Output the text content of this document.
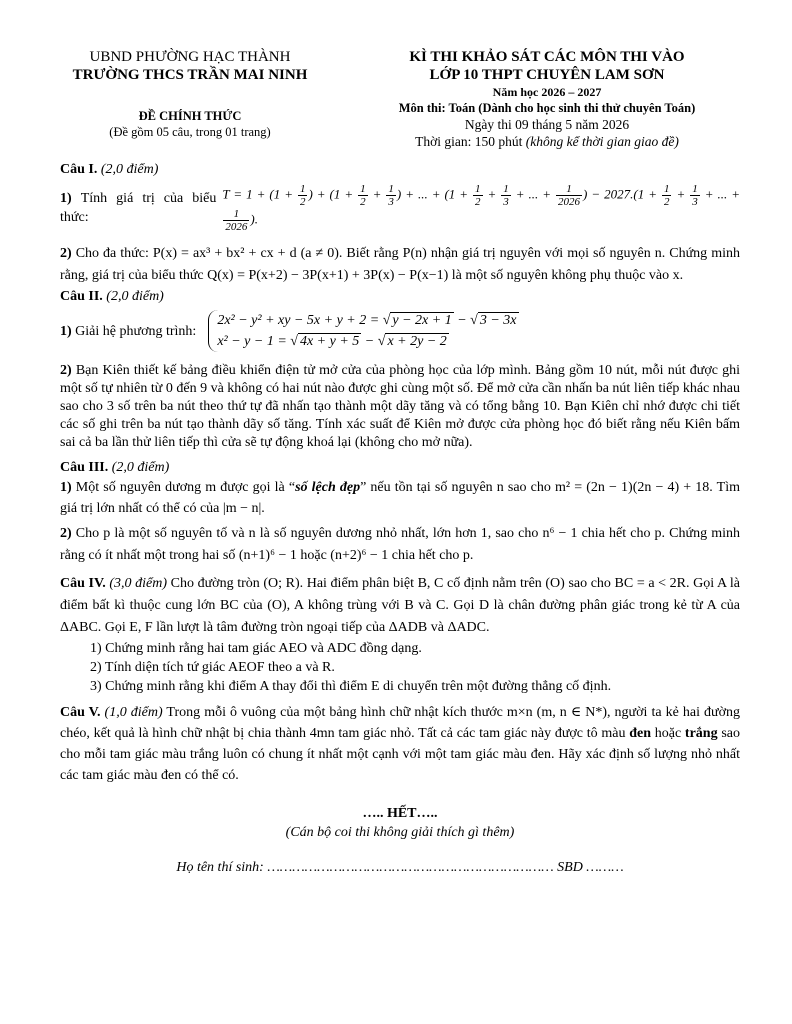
UBND PHƯỜNG HẠC THÀNH
TRƯỜNG THCS TRẦN MAI NINH
ĐỀ CHÍNH THỨC
(Đề gồm 05 câu, trong 01 trang)
KÌ THI KHẢO SÁT CÁC MÔN THI VÀO
LỚP 10 THPT CHUYÊN LAM SƠN
Năm học 2026 – 2027
Môn thi: Toán (Dành cho học sinh thi thử chuyên Toán)
Ngày thi 09 tháng 5 năm 2026
Thời gian: 150 phút (không kể thời gian giao đề)

Câu I. (2,0 điểm)

1) Tính giá trị của biểu thức:
$T = 1 + (1 + \frac{1}{2}$ ) + ($1 + \frac{1}{2} + \frac{1}{3}$ ) + ... + ($1 + \frac{1}{2} + \frac{1}{3}$ + ... + $\frac{1}{2026}$ ) − $2027.(1 + \frac{1}{2} + \frac{1}{3}$ + ... +
$\frac{1}{2026}$ ).

2) Cho đa thức: P(x) = ax³ + bx² + cx + d (a ≠ 0). Biết rằng P(n) nhận giá trị nguyên với mọi số nguyên n. Chứng minh rằng, giá trị của biểu thức Q(x) = P(x+2) − 3P(x+1) + 3P(x) − P(x−1) là một số nguyên không phụ thuộc vào x.

Câu II. (2,0 điểm)

1) Giải hệ phương trình:
2x² − y² + xy − 5x + y + 2 = √ y − 2x + 1 − √ 3 − 3x
x² − y − 1 = √ 4x + y + 5 − √ x + 2y − 2

2) Bạn Kiên thiết kế bảng điều khiển điện tử mở cửa của phòng học của lớp mình. Bảng gồm 10 nút, mỗi nút được ghi một số tự nhiên từ 0 đến 9 và không có hai nút nào được ghi cùng một số. Để mở cửa cần nhấn ba nút liên tiếp khác nhau sao cho 3 số trên ba nút theo thứ tự đã nhấn tạo thành một dãy tăng và có tổng bằng 10. Bạn Kiên chỉ nhớ được chi tiết các số ghi trên ba nút tạo thành dãy số tăng. Tính xác suất để Kiên mở được cửa phòng học đó biết rằng nếu Kiên bấm sai cả ba lần thử liên tiếp thì cửa sẽ tự động khoá lại (không cho mở nữa).

Câu III. (2,0 điểm)

1) Một số nguyên dương m được gọi là “số lệch đẹp” nếu tồn tại số nguyên n sao cho m² = (2n − 1)(2n − 4) + 18. Tìm giá trị lớn nhất có thể có của |m − n|.

2) Cho p là một số nguyên tố và n là số nguyên dương nhỏ nhất, lớn hơn 1, sao cho n⁶ − 1 chia hết cho p. Chứng minh rằng có ít nhất một trong hai số (n+1)⁶ − 1 hoặc (n+2)⁶ − 1 chia hết cho p.

Câu IV. (3,0 điểm) Cho đường tròn (O; R). Hai điểm phân biệt B, C cố định nằm trên (O) sao cho BC = a < 2R. Gọi A là điểm bất kì thuộc cung lớn BC của (O), A không trùng với B và C. Gọi D là chân đường phân giác trong kẻ từ A của ΔABC. Gọi E, F lần lượt là tâm đường tròn ngoại tiếp của ΔADB và ΔADC.

1) Chứng minh rằng hai tam giác AEO và ADC đồng dạng.
2) Tính diện tích tứ giác AEOF theo a và R.
3) Chứng minh rằng khi điểm A thay đổi thì điểm E di chuyển trên một đường thẳng cố định.

Câu V. (1,0 điểm) Trong mỗi ô vuông của một bảng hình chữ nhật kích thước m×n (m, n ∈ N*), người ta kẻ hai đường chéo, kết quả là hình chữ nhật bị chia thành 4mn tam giác nhỏ. Tất cả các tam giác này được tô màu đen hoặc trắng sao cho mỗi tam giác màu trắng luôn có chung ít nhất một cạnh với một tam giác màu đen. Hãy xác định số lượng nhỏ nhất các tam giác màu đen có thể có.

….. HẾT…..
(Cán bộ coi thi không giải thích gì thêm)
Họ tên thí sinh: …………………………………………………………… SBD ………
